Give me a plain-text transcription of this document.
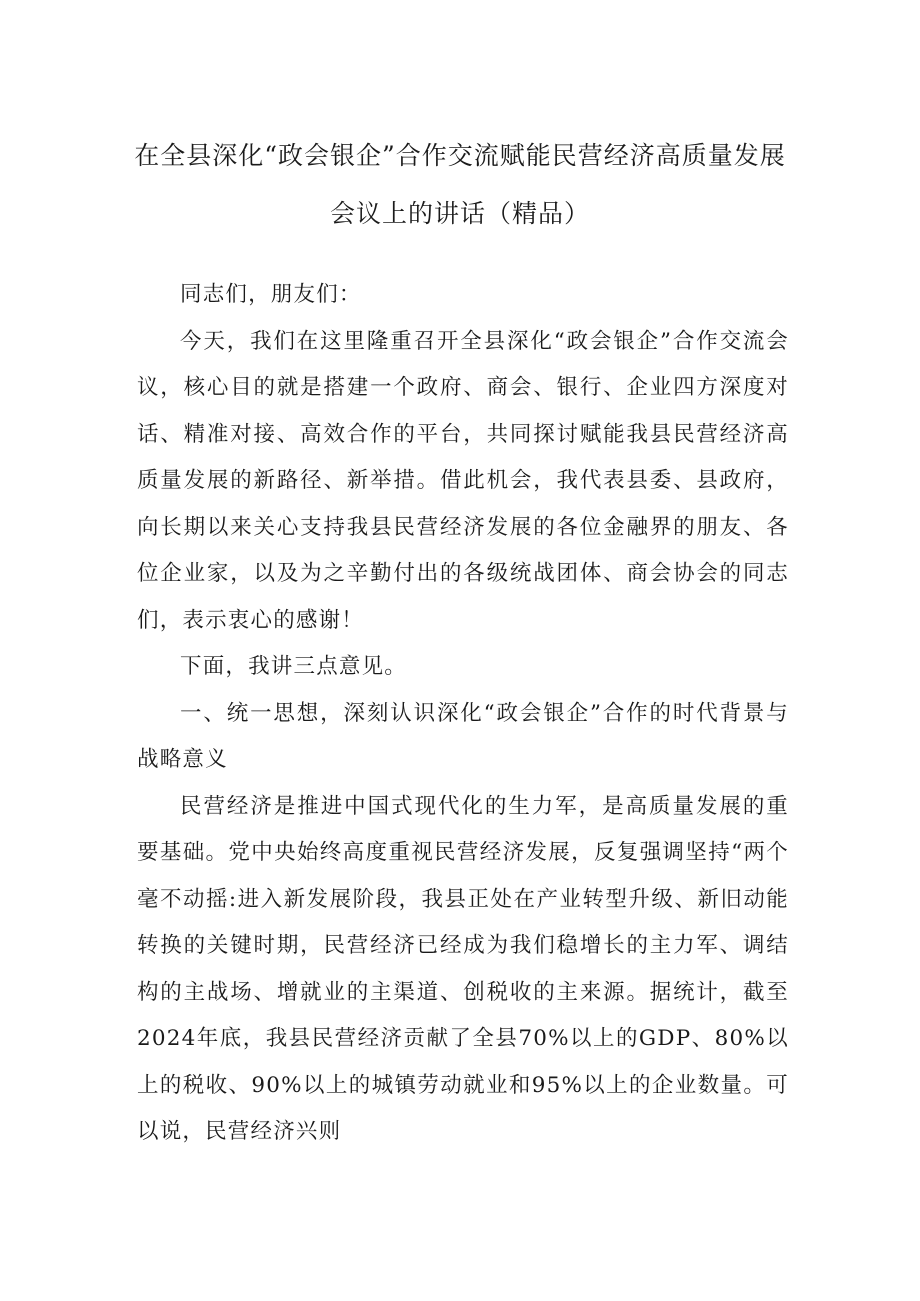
在全县深化“政会银企”合作交流赋能民营经济高质量发展
会议上的讲话（精品）

同志们，朋友们：

今天，我们在这里隆重召开全县深化“政会银企”合作交流会议，核心目的就是搭建一个政府、商会、银行、企业四方深度对话、精准对接、高效合作的平台，共同探讨赋能我县民营经济高质量发展的新路径、新举措。借此机会，我代表县委、县政府，向长期以来关心支持我县民营经济发展的各位金融界的朋友、各位企业家，以及为之辛勤付出的各级统战团体、商会协会的同志们，表示衷心的感谢！

下面，我讲三点意见。

一、统一思想，深刻认识深化“政会银企”合作的时代背景与战略意义

民营经济是推进中国式现代化的生力军，是高质量发展的重要基础。党中央始终高度重视民营经济发展，反复强调坚持“两个毫不动摇:进入新发展阶段，我县正处在产业转型升级、新旧动能转换的关键时期，民营经济已经成为我们稳增长的主力军、调结构的主战场、增就业的主渠道、创税收的主来源。据统计，截至2024年底，我县民营经济贡献了全县70%以上的GDP、80%以上的税收、90%以上的城镇劳动就业和95%以上的企业数量。可以说，民营经济兴则
